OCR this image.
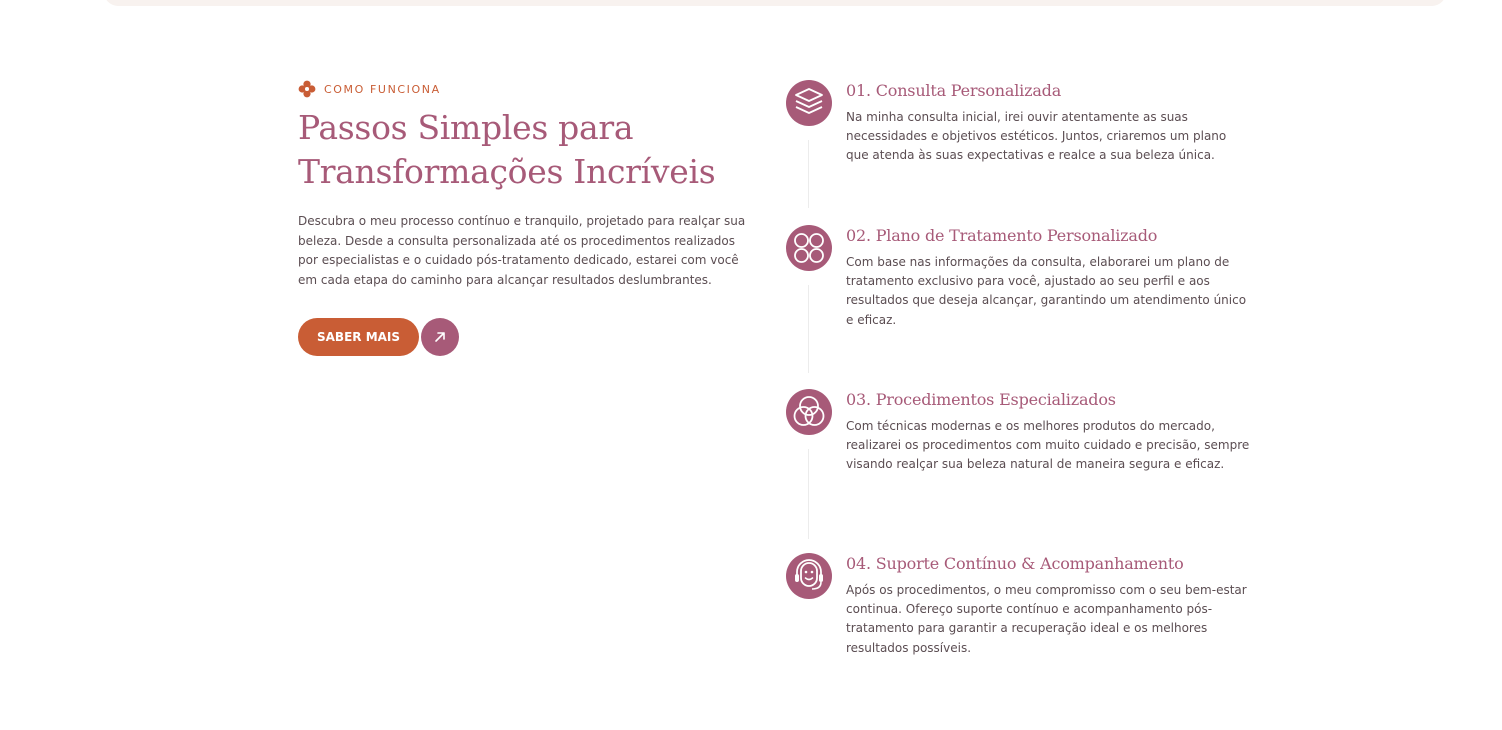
COMO FUNCIONA
Passos Simples para
Transformações Incríveis
Descubra o meu processo contínuo e tranquilo, projetado para realçar sua beleza. Desde a consulta personalizada até os procedimentos realizados por especialistas e o cuidado pós-tratamento dedicado, estarei com você em cada etapa do caminho para alcançar resultados deslumbrantes.
SABER MAIS
01. Consulta Personalizada
Na minha consulta inicial, irei ouvir atentamente as suas necessidades e objetivos estéticos. Juntos, criaremos um plano que atenda às suas expectativas e realce a sua beleza única.
02. Plano de Tratamento Personalizado
Com base nas informações da consulta, elaborarei um plano de tratamento exclusivo para você, ajustado ao seu perfil e aos resultados que deseja alcançar, garantindo um atendimento único e eficaz.
03. Procedimentos Especializados
Com técnicas modernas e os melhores produtos do mercado, realizarei os procedimentos com muito cuidado e precisão, sempre visando realçar sua beleza natural de maneira segura e eficaz.
04. Suporte Contínuo & Acompanhamento
Após os procedimentos, o meu compromisso com o seu bem-estar continua. Ofereço suporte contínuo e acompanhamento pós-tratamento para garantir a recuperação ideal e os melhores resultados possíveis.
